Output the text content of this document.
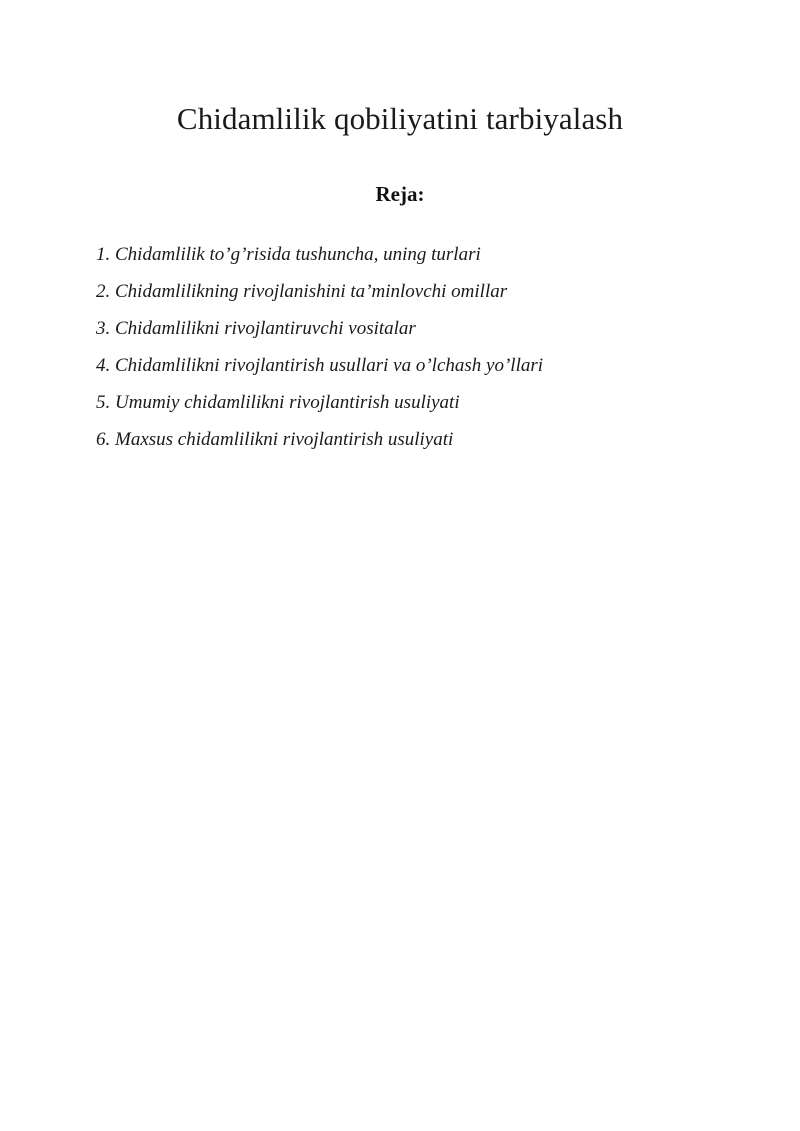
Chidamlilik qobiliyatini tarbiyalash
Reja:
1. Chidamlilik to’g’risida tushuncha, uning turlari
2. Chidamlilikning rivojlanishini ta’minlovchi omillar
3. Chidamlilikni rivojlantiruvchi vositalar
4. Chidamlilikni rivojlantirish usullari va o’lchash yo’llari
5. Umumiy chidamlilikni rivojlantirish usuliyati
6. Maxsus chidamlilikni rivojlantirish usuliyati
